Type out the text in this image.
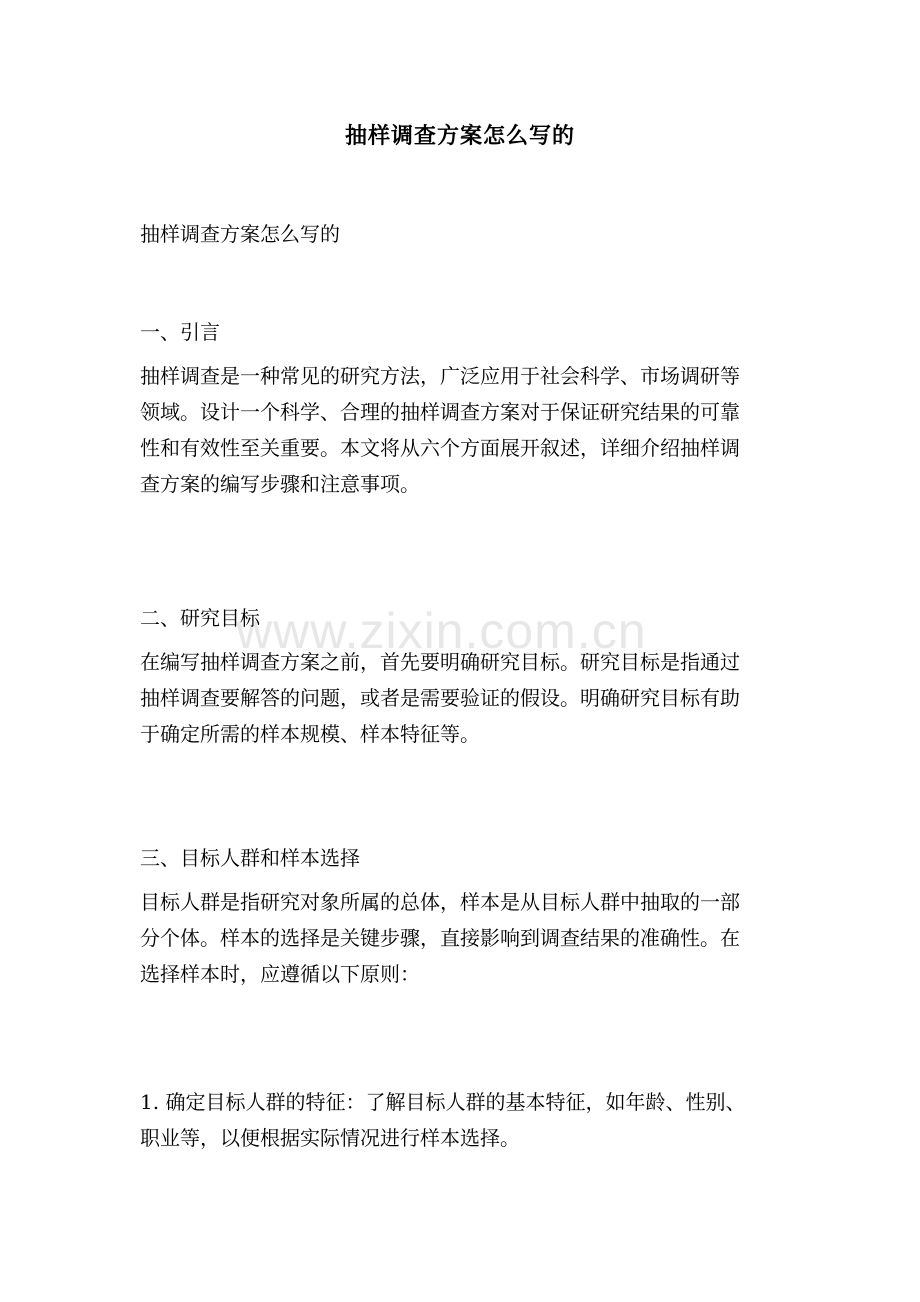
抽样调查方案怎么写的
抽样调查方案怎么写的
一、引言
抽样调查是一种常见的研究方法，广泛应用于社会科学、市场调研等
领域。设计一个科学、合理的抽样调查方案对于保证研究结果的可靠
性和有效性至关重要。本文将从六个方面展开叙述，详细介绍抽样调
查方案的编写步骤和注意事项。
二、研究目标
在编写抽样调查方案之前，首先要明确研究目标。研究目标是指通过
抽样调查要解答的问题，或者是需要验证的假设。明确研究目标有助
于确定所需的样本规模、样本特征等。
三、目标人群和样本选择
目标人群是指研究对象所属的总体，样本是从目标人群中抽取的一部
分个体。样本的选择是关键步骤，直接影响到调查结果的准确性。在
选择样本时，应遵循以下原则：
1. 确定目标人群的特征：了解目标人群的基本特征，如年龄、性别、
职业等，以便根据实际情况进行样本选择。
www.zixin.com.cn
